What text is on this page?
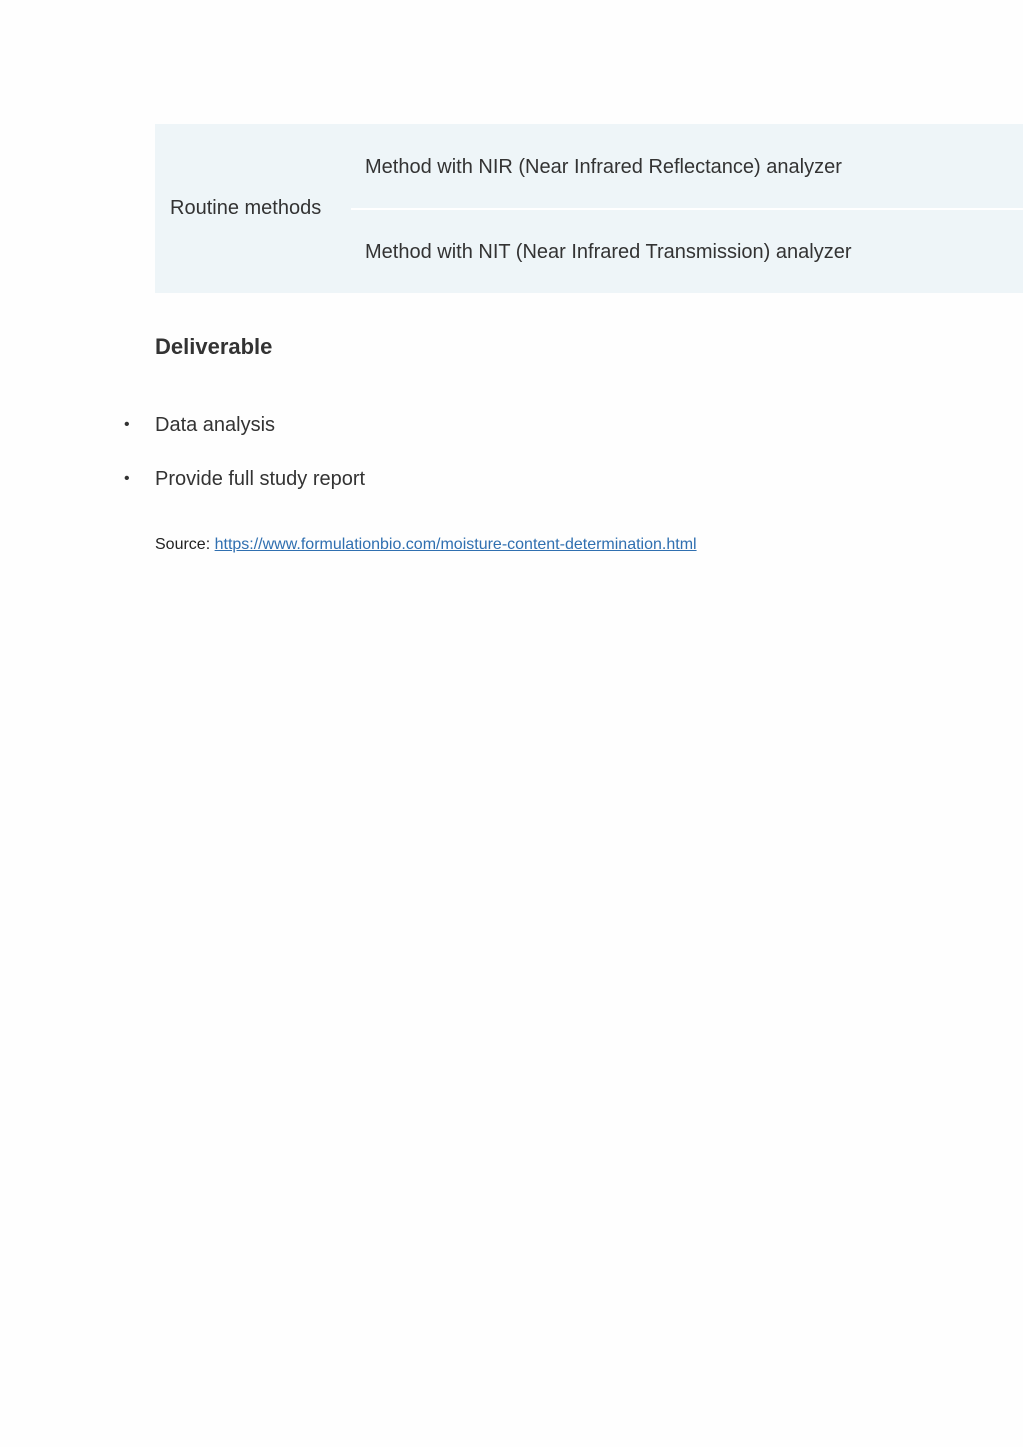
Routine methods
Method with NIR (Near Infrared Reflectance) analyzer
Method with NIT (Near Infrared Transmission) analyzer
Deliverable
• Data analysis
• Provide full study report
Source: https://www.formulationbio.com/moisture-content-determination.html
